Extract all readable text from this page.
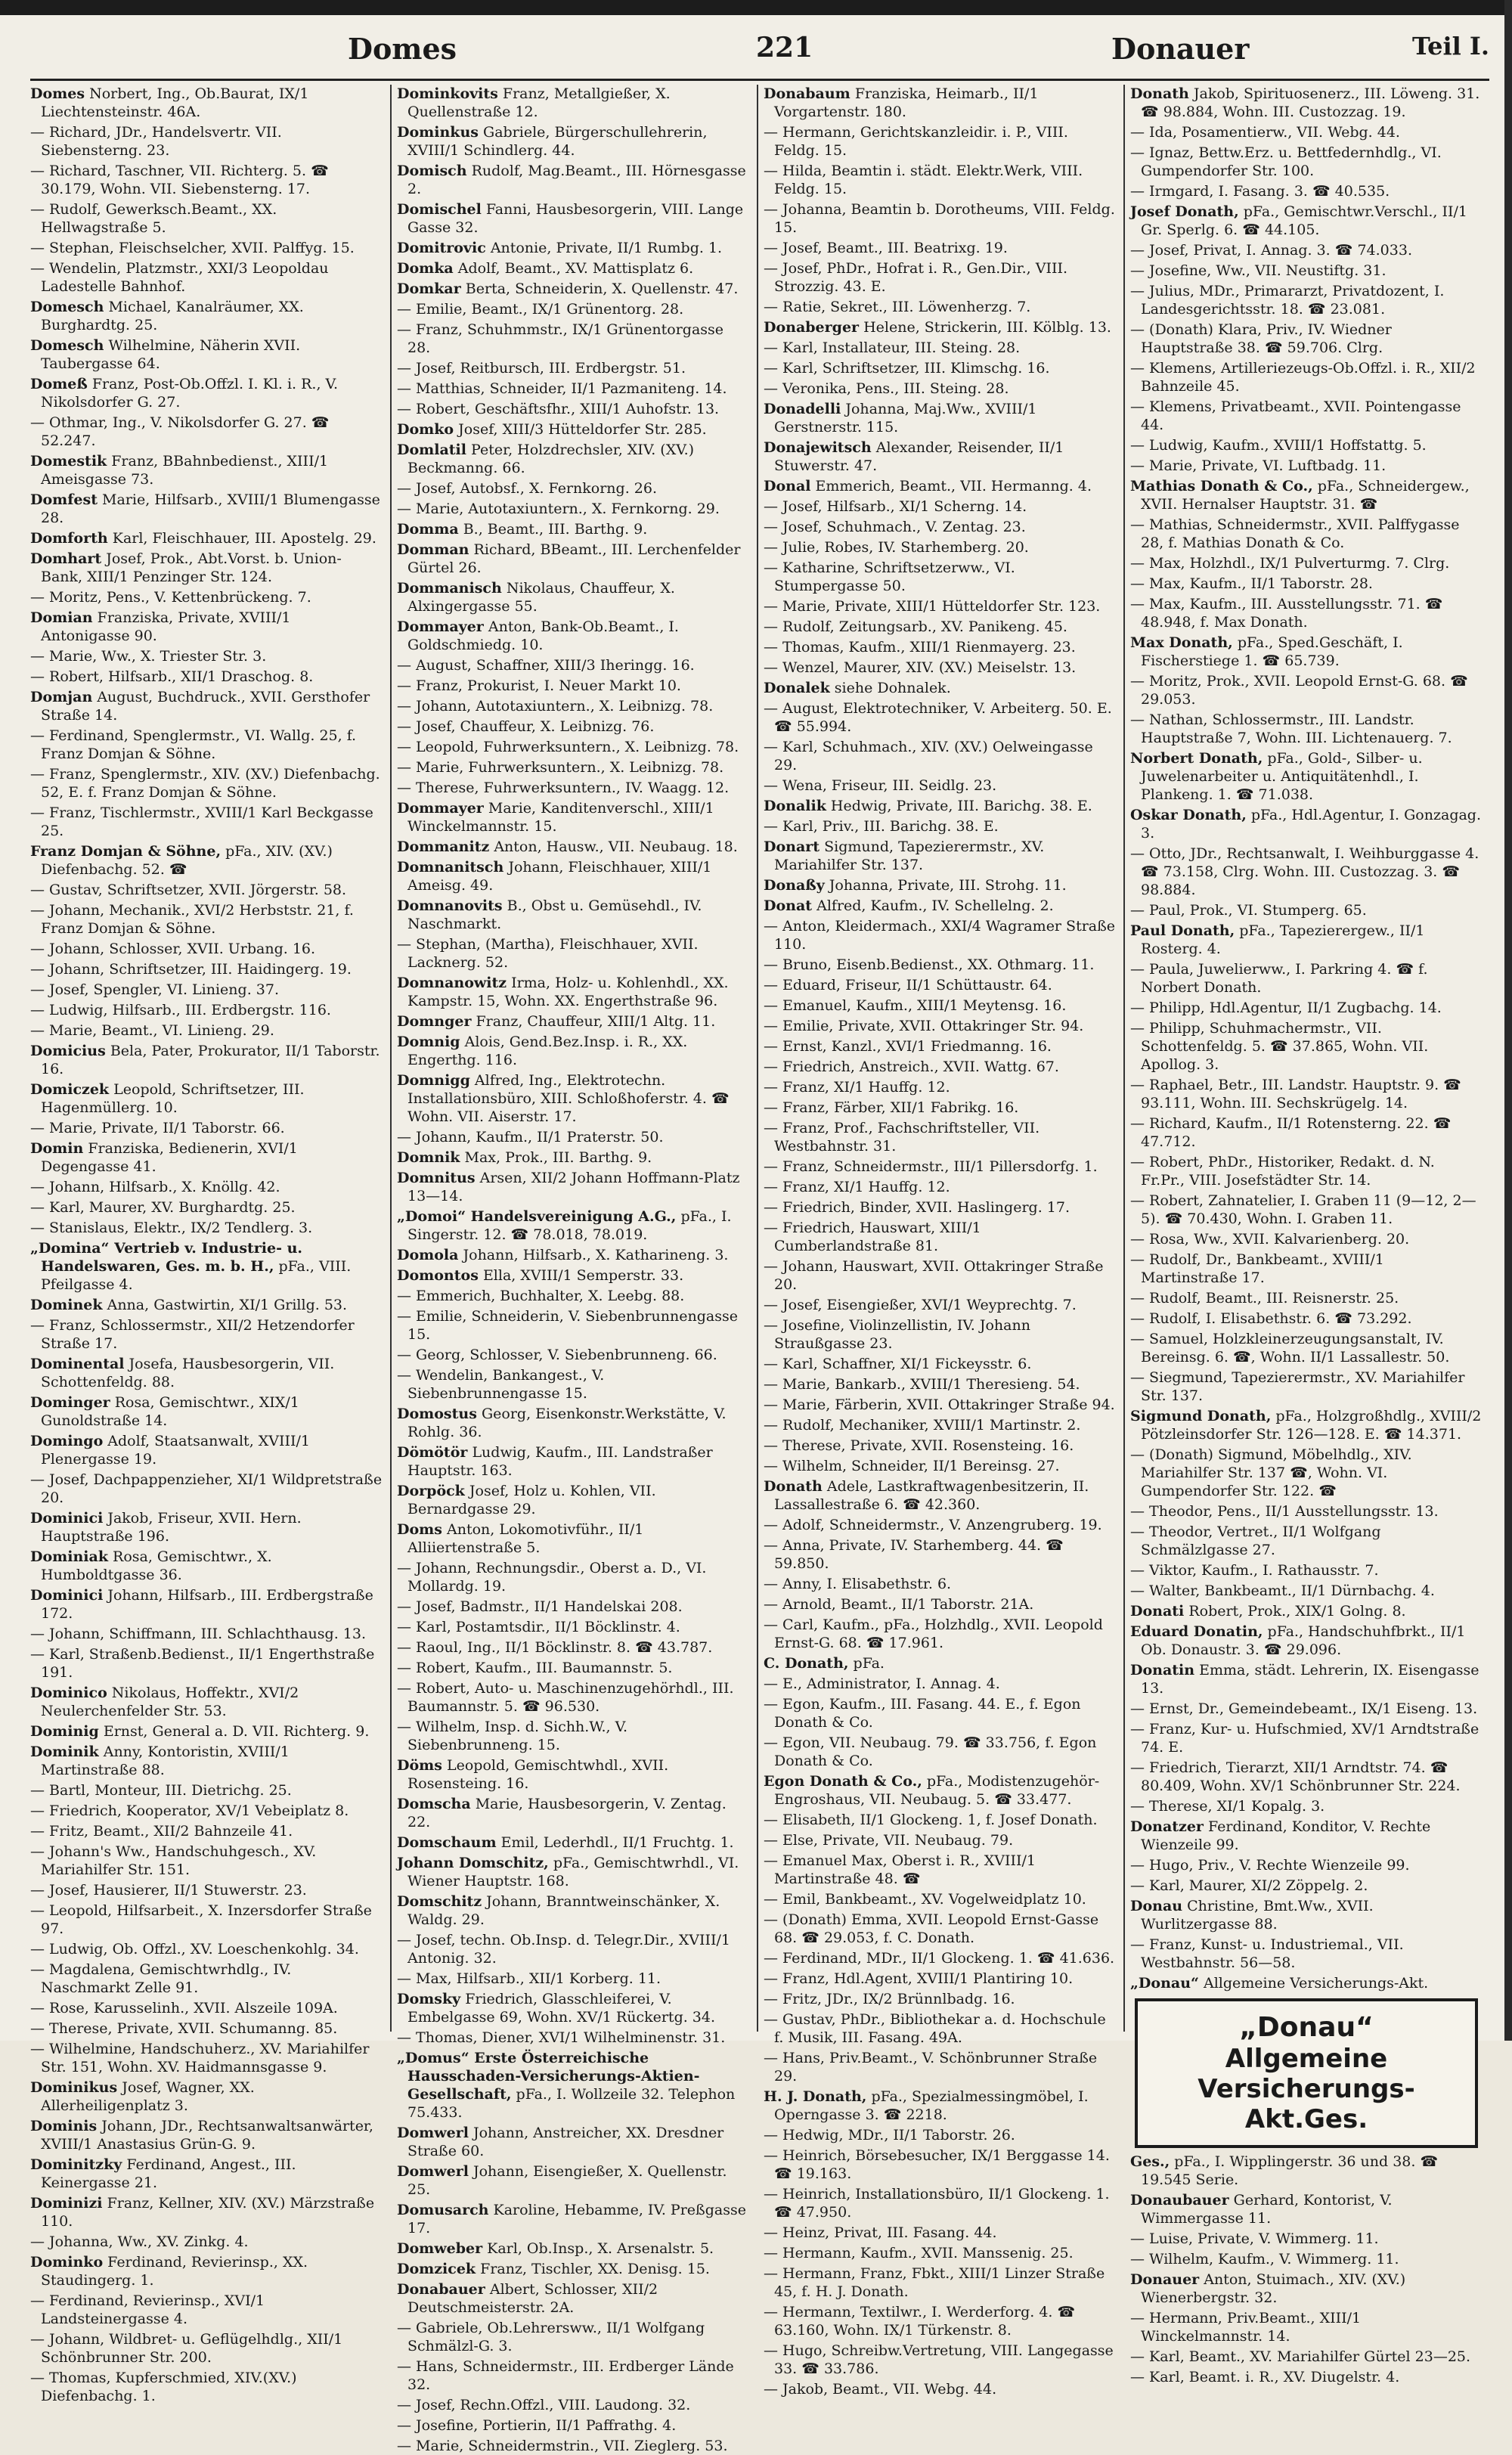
Domes	221	Donauer	Teil I.

Domes Norbert, Ing., Ob.Baurat, IX/1 Liechtensteinstr. 46A.

— Richard, JDr., Handelsvertr. VII. Siebensterng. 23.

— Richard, Taschner, VII. Richterg. 5. ☎ 30.179, Wohn. VII. Siebensterng. 17.

— Rudolf, Gewerksch.Beamt., XX. Hellwagstraße 5.

— Stephan, Fleischselcher, XVII. Palffyg. 15.

— Wendelin, Platzmstr., XXI/3 Leopoldau Ladestelle Bahnhof.

Domesch Michael, Kanalräumer, XX. Burghardtg. 25.

Domesch Wilhelmine, Näherin XVII. Taubergasse 64.

Domeß Franz, Post-Ob.Offzl. I. Kl. i. R., V. Nikolsdorfer G. 27.

— Othmar, Ing., V. Nikolsdorfer G. 27. ☎ 52.247.

Domestik Franz, BBahnbedienst., XIII/1 Ameisgasse 73.

Domfest Marie, Hilfsarb., XVIII/1 Blumengasse 28.

Domforth Karl, Fleischhauer, III. Apostelg. 29.

Domhart Josef, Prok., Abt.Vorst. b. Union-Bank, XIII/1 Penzinger Str. 124.

— Moritz, Pens., V. Kettenbrückeng. 7.

Domian Franziska, Private, XVIII/1 Antonigasse 90.

— Marie, Ww., X. Triester Str. 3.

— Robert, Hilfsarb., XII/1 Draschog. 8.

Domjan August, Buchdruck., XVII. Gersthofer Straße 14.

— Ferdinand, Spenglermstr., VI. Wallg. 25, f. Franz Domjan & Söhne.

— Franz, Spenglermstr., XIV. (XV.) Diefenbachg. 52, E. f. Franz Domjan & Söhne.

— Franz, Tischlermstr., XVIII/1 Karl Beckgasse 25.

Franz Domjan & Söhne, pFa., XIV. (XV.) Diefenbachg. 52. ☎

— Gustav, Schriftsetzer, XVII. Jörgerstr. 58.

— Johann, Mechanik., XVI/2 Herbststr. 21, f. Franz Domjan & Söhne.

— Johann, Schlosser, XVII. Urbang. 16.

— Johann, Schriftsetzer, III. Haidingerg. 19.

— Josef, Spengler, VI. Linieng. 37.

— Ludwig, Hilfsarb., III. Erdbergstr. 116.

— Marie, Beamt., VI. Linieng. 29.

Domicius Bela, Pater, Prokurator, II/1 Taborstr. 16.

Domiczek Leopold, Schriftsetzer, III. Hagenmüllerg. 10.

— Marie, Private, II/1 Taborstr. 66.

Domin Franziska, Bedienerin, XVI/1 Degengasse 41.

— Johann, Hilfsarb., X. Knöllg. 42.

— Karl, Maurer, XV. Burghardtg. 25.

— Stanislaus, Elektr., IX/2 Tendlerg. 3.

„Domina“ Vertrieb v. Industrie- u. Handelswaren, Ges. m. b. H., pFa., VIII. Pfeilgasse 4.

Dominek Anna, Gastwirtin, XI/1 Grillg. 53.

— Franz, Schlossermstr., XII/2 Hetzendorfer Straße 17.

Dominental Josefa, Hausbesorgerin, VII. Schottenfeldg. 88.

Dominger Rosa, Gemischtwr., XIX/1 Gunoldstraße 14.

Domingo Adolf, Staatsanwalt, XVIII/1 Plenergasse 19.

— Josef, Dachpappenzieher, XI/1 Wildpretstraße 20.

Dominici Jakob, Friseur, XVII. Hern. Hauptstraße 196.

Dominiak Rosa, Gemischtwr., X. Humboldtgasse 36.

Dominici Johann, Hilfsarb., III. Erdbergstraße 172.

— Johann, Schiffmann, III. Schlachthausg. 13.

— Karl, Straßenb.Bedienst., II/1 Engerthstraße 191.

Dominico Nikolaus, Hoffektr., XVI/2 Neulerchenfelder Str. 53.

Dominig Ernst, General a. D. VII. Richterg. 9.

Dominik Anny, Kontoristin, XVIII/1 Martinstraße 88.

— Bartl, Monteur, III. Dietrichg. 25.

— Friedrich, Kooperator, XV/1 Vebeiplatz 8.

— Fritz, Beamt., XII/2 Bahnzeile 41.

— Johann's Ww., Handschuhgesch., XV. Mariahilfer Str. 151.

— Josef, Hausierer, II/1 Stuwerstr. 23.

— Leopold, Hilfsarbeit., X. Inzersdorfer Straße 97.

— Ludwig, Ob. Offzl., XV. Loeschenkohlg. 34.

— Magdalena, Gemischtwrhdlg., IV. Naschmarkt Zelle 91.

— Rose, Karusselinh., XVII. Alszeile 109A.

— Therese, Private, XVII. Schumanng. 85.

— Wilhelmine, Handschuherz., XV. Mariahilfer Str. 151, Wohn. XV. Haidmannsgasse 9.

Dominikus Josef, Wagner, XX. Allerheiligenplatz 3.

Dominis Johann, JDr., Rechtsanwaltsanwärter, XVIII/1 Anastasius Grün-G. 9.

Dominitzky Ferdinand, Angest., III. Keinergasse 21.

Dominizi Franz, Kellner, XIV. (XV.) Märzstraße 110.

— Johanna, Ww., XV. Zinkg. 4.

Dominko Ferdinand, Revierinsp., XX. Staudingerg. 1.

— Ferdinand, Revierinsp., XVI/1 Landsteinergasse 4.

— Johann, Wildbret- u. Geflügelhdlg., XII/1 Schönbrunner Str. 200.

— Thomas, Kupferschmied, XIV.(XV.) Diefenbachg. 1.

Dominkovits Franz, Metallgießer, X. Quellenstraße 12.

Dominkus Gabriele, Bürgerschullehrerin, XVIII/1 Schindlerg. 44.

Domisch Rudolf, Mag.Beamt., III. Hörnesgasse 2.

Domischel Fanni, Hausbesorgerin, VIII. Lange Gasse 32.

Domitrovic Antonie, Private, II/1 Rumbg. 1.

Domka Adolf, Beamt., XV. Mattisplatz 6.

Domkar Berta, Schneiderin, X. Quellenstr. 47.

— Emilie, Beamt., IX/1 Grünentorg. 28.

— Franz, Schuhmmstr., IX/1 Grünentorgasse 28.

— Josef, Reitbursch, III. Erdbergstr. 51.

— Matthias, Schneider, II/1 Pazmaniteng. 14.

— Robert, Geschäftsfhr., XIII/1 Auhofstr. 13.

Domko Josef, XIII/3 Hütteldorfer Str. 285.

Domlatil Peter, Holzdrechsler, XIV. (XV.) Beckmanng. 66.

— Josef, Autobsf., X. Fernkorng. 26.

— Marie, Autotaxiuntern., X. Fernkorng. 29.

Domma B., Beamt., III. Barthg. 9.

Domman Richard, BBeamt., III. Lerchenfelder Gürtel 26.

Dommanisch Nikolaus, Chauffeur, X. Alxingergasse 55.

Dommayer Anton, Bank-Ob.Beamt., I. Goldschmiedg. 10.

— August, Schaffner, XIII/3 Iheringg. 16.

— Franz, Prokurist, I. Neuer Markt 10.

— Johann, Autotaxiuntern., X. Leibnizg. 78.

— Josef, Chauffeur, X. Leibnizg. 76.

— Leopold, Fuhrwerksuntern., X. Leibnizg. 78.

— Marie, Fuhrwerksuntern., X. Leibnizg. 78.

— Therese, Fuhrwerksuntern., IV. Waagg. 12.

Dommayer Marie, Kanditenverschl., XIII/1 Winckelmannstr. 15.

Dommanitz Anton, Hausw., VII. Neubaug. 18.

Domnanitsch Johann, Fleischhauer, XIII/1 Ameisg. 49.

Domnanovits B., Obst u. Gemüsehdl., IV. Naschmarkt.

— Stephan, (Martha), Fleischhauer, XVII. Lacknerg. 52.

Domnanowitz Irma, Holz- u. Kohlenhdl., XX. Kampstr. 15, Wohn. XX. Engerthstraße 96.

Domnger Franz, Chauffeur, XIII/1 Altg. 11.

Domnig Alois, Gend.Bez.Insp. i. R., XX. Engerthg. 116.

Domnigg Alfred, Ing., Elektrotechn. Installationsbüro, XIII. Schloßhoferstr. 4. ☎ Wohn. VII. Aiserstr. 17.

— Johann, Kaufm., II/1 Praterstr. 50.

Domnik Max, Prok., III. Barthg. 9.

Domnitus Arsen, XII/2 Johann Hoffmann-Platz 13—14.

„Domoi“ Handelsvereinigung A.G., pFa., I. Singerstr. 12. ☎ 78.018, 78.019.

Domola Johann, Hilfsarb., X. Katharineng. 3.

Domontos Ella, XVIII/1 Semperstr. 33.

— Emmerich, Buchhalter, X. Leebg. 88.

— Emilie, Schneiderin, V. Siebenbrunnengasse 15.

— Georg, Schlosser, V. Siebenbrunneng. 66.

— Wendelin, Bankangest., V. Siebenbrunnengasse 15.

Domostus Georg, Eisenkonstr.Werkstätte, V. Rohlg. 36.

Dömötör Ludwig, Kaufm., III. Landstraßer Hauptstr. 163.

Dorpöck Josef, Holz u. Kohlen, VII. Bernardgasse 29.

Doms Anton, Lokomotivführ., II/1 Alliiertenstraße 5.

— Johann, Rechnungsdir., Oberst a. D., VI. Mollardg. 19.

— Josef, Badmstr., II/1 Handelskai 208.

— Karl, Postamtsdir., II/1 Böcklinstr. 4.

— Raoul, Ing., II/1 Böcklinstr. 8. ☎ 43.787.

— Robert, Kaufm., III. Baumannstr. 5.

— Robert, Auto- u. Maschinenzugehörhdl., III. Baumannstr. 5. ☎ 96.530.

— Wilhelm, Insp. d. Sichh.W., V. Siebenbrunneng. 15.

Döms Leopold, Gemischtwhdl., XVII. Rosensteing. 16.

Domscha Marie, Hausbesorgerin, V. Zentag. 22.

Domschaum Emil, Lederhdl., II/1 Fruchtg. 1.

Johann Domschitz, pFa., Gemischtwrhdl., VI. Wiener Hauptstr. 168.

Domschitz Johann, Branntweinschänker, X. Waldg. 29.

— Josef, techn. Ob.Insp. d. Telegr.Dir., XVIII/1 Antonig. 32.

— Max, Hilfsarb., XII/1 Korberg. 11.

Domsky Friedrich, Glasschleiferei, V. Embelgasse 69, Wohn. XV/1 Rückertg. 34.

— Thomas, Diener, XVI/1 Wilhelminenstr. 31.

„Domus“ Erste Österreichische Hausschaden-Versicherungs-Aktien-Gesellschaft, pFa., I. Wollzeile 32. Telephon 75.433.

Domwerl Johann, Anstreicher, XX. Dresdner Straße 60.

Domwerl Johann, Eisengießer, X. Quellenstr. 25.

Domusarch Karoline, Hebamme, IV. Preßgasse 17.

Domweber Karl, Ob.Insp., X. Arsenalstr. 5.

Domzicek Franz, Tischler, XX. Denisg. 15.

Donabauer Albert, Schlosser, XII/2 Deutschmeisterstr. 2A.

— Gabriele, Ob.Lehrersww., II/1 Wolfgang Schmälzl-G. 3.

— Hans, Schneidermstr., III. Erdberger Lände 32.

— Josef, Rechn.Offzl., VIII. Laudong. 32.

— Josefine, Portierin, II/1 Paffrathg. 4.

— Marie, Schneidermstrin., VII. Zieglerg. 53.

Donabaum Franziska, Heimarb., II/1 Vorgartenstr. 180.

— Hermann, Gerichtskanzleidir. i. P., VIII. Feldg. 15.

— Hilda, Beamtin i. städt. Elektr.Werk, VIII. Feldg. 15.

— Johanna, Beamtin b. Dorotheums, VIII. Feldg. 15.

— Josef, Beamt., III. Beatrixg. 19.

— Josef, PhDr., Hofrat i. R., Gen.Dir., VIII. Strozzig. 43. E.

— Ratie, Sekret., III. Löwenherzg. 7.

Donaberger Helene, Strickerin, III. Kölblg. 13.

— Karl, Installateur, III. Steing. 28.

— Karl, Schriftsetzer, III. Klimschg. 16.

— Veronika, Pens., III. Steing. 28.

Donadelli Johanna, Maj.Ww., XVIII/1 Gerstnerstr. 115.

Donajewitsch Alexander, Reisender, II/1 Stuwerstr. 47.

Donal Emmerich, Beamt., VII. Hermanng. 4.

— Josef, Hilfsarb., XI/1 Scherng. 14.

— Josef, Schuhmach., V. Zentag. 23.

— Julie, Robes, IV. Starhemberg. 20.

— Katharine, Schriftsetzerww., VI. Stumpergasse 50.

— Marie, Private, XIII/1 Hütteldorfer Str. 123.

— Rudolf, Zeitungsarb., XV. Panikeng. 45.

— Thomas, Kaufm., XIII/1 Rienmayerg. 23.

— Wenzel, Maurer, XIV. (XV.) Meiselstr. 13.

Donalek siehe Dohnalek.

— August, Elektrotechniker, V. Arbeiterg. 50. E. ☎ 55.994.

— Karl, Schuhmach., XIV. (XV.) Oelweingasse 29.

— Wena, Friseur, III. Seidlg. 23.

Donalik Hedwig, Private, III. Barichg. 38. E.

— Karl, Priv., III. Barichg. 38. E.

Donart Sigmund, Tapezierermstr., XV. Mariahilfer Str. 137.

Donaßy Johanna, Private, III. Strohg. 11.

Donat Alfred, Kaufm., IV. Schellelng. 2.

— Anton, Kleidermach., XXI/4 Wagramer Straße 110.

— Bruno, Eisenb.Bedienst., XX. Othmarg. 11.

— Eduard, Friseur, II/1 Schüttaustr. 64.

— Emanuel, Kaufm., XIII/1 Meytensg. 16.

— Emilie, Private, XVII. Ottakringer Str. 94.

— Ernst, Kanzl., XVI/1 Friedmanng. 16.

— Friedrich, Anstreich., XVII. Wattg. 67.

— Franz, XI/1 Hauffg. 12.

— Franz, Färber, XII/1 Fabrikg. 16.

— Franz, Prof., Fachschriftsteller, VII. Westbahnstr. 31.

— Franz, Schneidermstr., III/1 Pillersdorfg. 1.

— Franz, XI/1 Hauffg. 12.

— Friedrich, Binder, XVII. Haslingerg. 17.

— Friedrich, Hauswart, XIII/1 Cumberlandstraße 81.

— Johann, Hauswart, XVII. Ottakringer Straße 20.

— Josef, Eisengießer, XVI/1 Weyprechtg. 7.

— Josefine, Violinzellistin, IV. Johann Straußgasse 23.

— Karl, Schaffner, XI/1 Fickeysstr. 6.

— Marie, Bankarb., XVIII/1 Theresieng. 54.

— Marie, Färberin, XVII. Ottakringer Straße 94.

— Rudolf, Mechaniker, XVIII/1 Martinstr. 2.

— Therese, Private, XVII. Rosensteing. 16.

— Wilhelm, Schneider, II/1 Bereinsg. 27.

Donath Adele, Lastkraftwagenbesitzerin, II. Lassallestraße 6. ☎ 42.360.

— Adolf, Schneidermstr., V. Anzengruberg. 19.

— Anna, Private, IV. Starhemberg. 44. ☎ 59.850.

— Anny, I. Elisabethstr. 6.

— Arnold, Beamt., II/1 Taborstr. 21A.

— Carl, Kaufm., pFa., Holzhdlg., XVII. Leopold Ernst-G. 68. ☎ 17.961.

C. Donath, pFa.

— E., Administrator, I. Annag. 4.

— Egon, Kaufm., III. Fasang. 44. E., f. Egon Donath & Co.

— Egon, VII. Neubaug. 79. ☎ 33.756, f. Egon Donath & Co.

Egon Donath & Co., pFa., Modistenzugehör-Engroshaus, VII. Neubaug. 5. ☎ 33.477.

— Elisabeth, II/1 Glockeng. 1, f. Josef Donath.

— Else, Private, VII. Neubaug. 79.

— Emanuel Max, Oberst i. R., XVIII/1 Martinstraße 48. ☎

— Emil, Bankbeamt., XV. Vogelweidplatz 10.

— (Donath) Emma, XVII. Leopold Ernst-Gasse 68. ☎ 29.053, f. C. Donath.

— Ferdinand, MDr., II/1 Glockeng. 1. ☎ 41.636.

— Franz, Hdl.Agent, XVIII/1 Plantiring 10.

— Fritz, JDr., IX/2 Brünnlbadg. 16.

— Gustav, PhDr., Bibliothekar a. d. Hochschule f. Musik, III. Fasang. 49A.

— Hans, Priv.Beamt., V. Schönbrunner Straße 29.

H. J. Donath, pFa., Spezialmessingmöbel, I. Operngasse 3. ☎ 2218.

— Hedwig, MDr., II/1 Taborstr. 26.

— Heinrich, Börsebesucher, IX/1 Berggasse 14. ☎ 19.163.

— Heinrich, Installationsbüro, II/1 Glockeng. 1. ☎ 47.950.

— Heinz, Privat, III. Fasang. 44.

— Hermann, Kaufm., XVII. Manssenig. 25.

— Hermann, Franz, Fbkt., XIII/1 Linzer Straße 45, f. H. J. Donath.

— Hermann, Textilwr., I. Werderforg. 4. ☎ 63.160, Wohn. IX/1 Türkenstr. 8.

— Hugo, Schreibw.Vertretung, VIII. Langegasse 33. ☎ 33.786.

— Jakob, Beamt., VII. Webg. 44.

Donath Jakob, Spirituosenerz., III. Löweng. 31. ☎ 98.884, Wohn. III. Custozzag. 19.

— Ida, Posamentierw., VII. Webg. 44.

— Ignaz, Bettw.Erz. u. Bettfedernhdlg., VI. Gumpendorfer Str. 100.

— Irmgard, I. Fasang. 3. ☎ 40.535.

Josef Donath, pFa., Gemischtwr.Verschl., II/1 Gr. Sperlg. 6. ☎ 44.105.

— Josef, Privat, I. Annag. 3. ☎ 74.033.

— Josefine, Ww., VII. Neustiftg. 31.

— Julius, MDr., Primararzt, Privatdozent, I. Landesgerichtsstr. 18. ☎ 23.081.

— (Donath) Klara, Priv., IV. Wiedner Hauptstraße 38. ☎ 59.706. Clrg.

— Klemens, Artilleriezeugs-Ob.Offzl. i. R., XII/2 Bahnzeile 45.

— Klemens, Privatbeamt., XVII. Pointengasse 44.

— Ludwig, Kaufm., XVIII/1 Hoffstattg. 5.

— Marie, Private, VI. Luftbadg. 11.

Mathias Donath & Co., pFa., Schneidergew., XVII. Hernalser Hauptstr. 31. ☎

— Mathias, Schneidermstr., XVII. Palffygasse 28, f. Mathias Donath & Co.

— Max, Holzhdl., IX/1 Pulverturmg. 7. Clrg.

— Max, Kaufm., II/1 Taborstr. 28.

— Max, Kaufm., III. Ausstellungsstr. 71. ☎ 48.948, f. Max Donath.

Max Donath, pFa., Sped.Geschäft, I. Fischerstiege 1. ☎ 65.739.

— Moritz, Prok., XVII. Leopold Ernst-G. 68. ☎ 29.053.

— Nathan, Schlossermstr., III. Landstr. Hauptstraße 7, Wohn. III. Lichtenauerg. 7.

Norbert Donath, pFa., Gold-, Silber- u. Juwelenarbeiter u. Antiquitätenhdl., I. Plankeng. 1. ☎ 71.038.

Oskar Donath, pFa., Hdl.Agentur, I. Gonzagag. 3.

— Otto, JDr., Rechtsanwalt, I. Weihburggasse 4. ☎ 73.158, Clrg. Wohn. III. Custozzag. 3. ☎ 98.884.

— Paul, Prok., VI. Stumperg. 65.

Paul Donath, pFa., Tapezierergew., II/1 Rosterg. 4.

— Paula, Juwelierww., I. Parkring 4. ☎ f. Norbert Donath.

— Philipp, Hdl.Agentur, II/1 Zugbachg. 14.

— Philipp, Schuhmachermstr., VII. Schottenfeldg. 5. ☎ 37.865, Wohn. VII. Apollog. 3.

— Raphael, Betr., III. Landstr. Hauptstr. 9. ☎ 93.111, Wohn. III. Sechskrügelg. 14.

— Richard, Kaufm., II/1 Rotensterng. 22. ☎ 47.712.

— Robert, PhDr., Historiker, Redakt. d. N. Fr.Pr., VIII. Josefstädter Str. 14.

— Robert, Zahnatelier, I. Graben 11 (9—12, 2—5). ☎ 70.430, Wohn. I. Graben 11.

— Rosa, Ww., XVII. Kalvarienberg. 20.

— Rudolf, Dr., Bankbeamt., XVIII/1 Martinstraße 17.

— Rudolf, Beamt., III. Reisnerstr. 25.

— Rudolf, I. Elisabethstr. 6. ☎ 73.292.

— Samuel, Holzkleinerzeugungsanstalt, IV. Bereinsg. 6. ☎, Wohn. II/1 Lassallestr. 50.

— Siegmund, Tapezierermstr., XV. Mariahilfer Str. 137.

Sigmund Donath, pFa., Holzgroßhdlg., XVIII/2 Pötzleinsdorfer Str. 126—128. E. ☎ 14.371.

— (Donath) Sigmund, Möbelhdlg., XIV. Mariahilfer Str. 137 ☎, Wohn. VI. Gumpendorfer Str. 122. ☎

— Theodor, Pens., II/1 Ausstellungsstr. 13.

— Theodor, Vertret., II/1 Wolfgang Schmälzlgasse 27.

— Viktor, Kaufm., I. Rathausstr. 7.

— Walter, Bankbeamt., II/1 Dürnbachg. 4.

Donati Robert, Prok., XIX/1 Golng. 8.

Eduard Donatin, pFa., Handschuhfbrkt., II/1 Ob. Donaustr. 3. ☎ 29.096.

Donatin Emma, städt. Lehrerin, IX. Eisengasse 13.

— Ernst, Dr., Gemeindebeamt., IX/1 Eiseng. 13.

— Franz, Kur- u. Hufschmied, XV/1 Arndtstraße 74. E.

— Friedrich, Tierarzt, XII/1 Arndtstr. 74. ☎ 80.409, Wohn. XV/1 Schönbrunner Str. 224.

— Therese, XI/1 Kopalg. 3.

Donatzer Ferdinand, Konditor, V. Rechte Wienzeile 99.

— Hugo, Priv., V. Rechte Wienzeile 99.

— Karl, Maurer, XI/2 Zöppelg. 2.

Donau Christine, Bmt.Ww., XVII. Wurlitzergasse 88.

— Franz, Kunst- u. Industriemal., VII. Westbahnstr. 56—58.

„Donau“ Allgemeine Versicherungs-Akt.

„Donau“
Allgemeine Versicherungs-
Akt.Ges.

Ges., pFa., I. Wipplingerstr. 36 und 38. ☎ 19.545 Serie.

Donaubauer Gerhard, Kontorist, V. Wimmergasse 11.

— Luise, Private, V. Wimmerg. 11.

— Wilhelm, Kaufm., V. Wimmerg. 11.

Donauer Anton, Stuimach., XIV. (XV.) Wienerbergstr. 32.

— Hermann, Priv.Beamt., XIII/1 Winckelmannstr. 14.

— Karl, Beamt., XV. Mariahilfer Gürtel 23—25.

— Karl, Beamt. i. R., XV. Diugelstr. 4.
